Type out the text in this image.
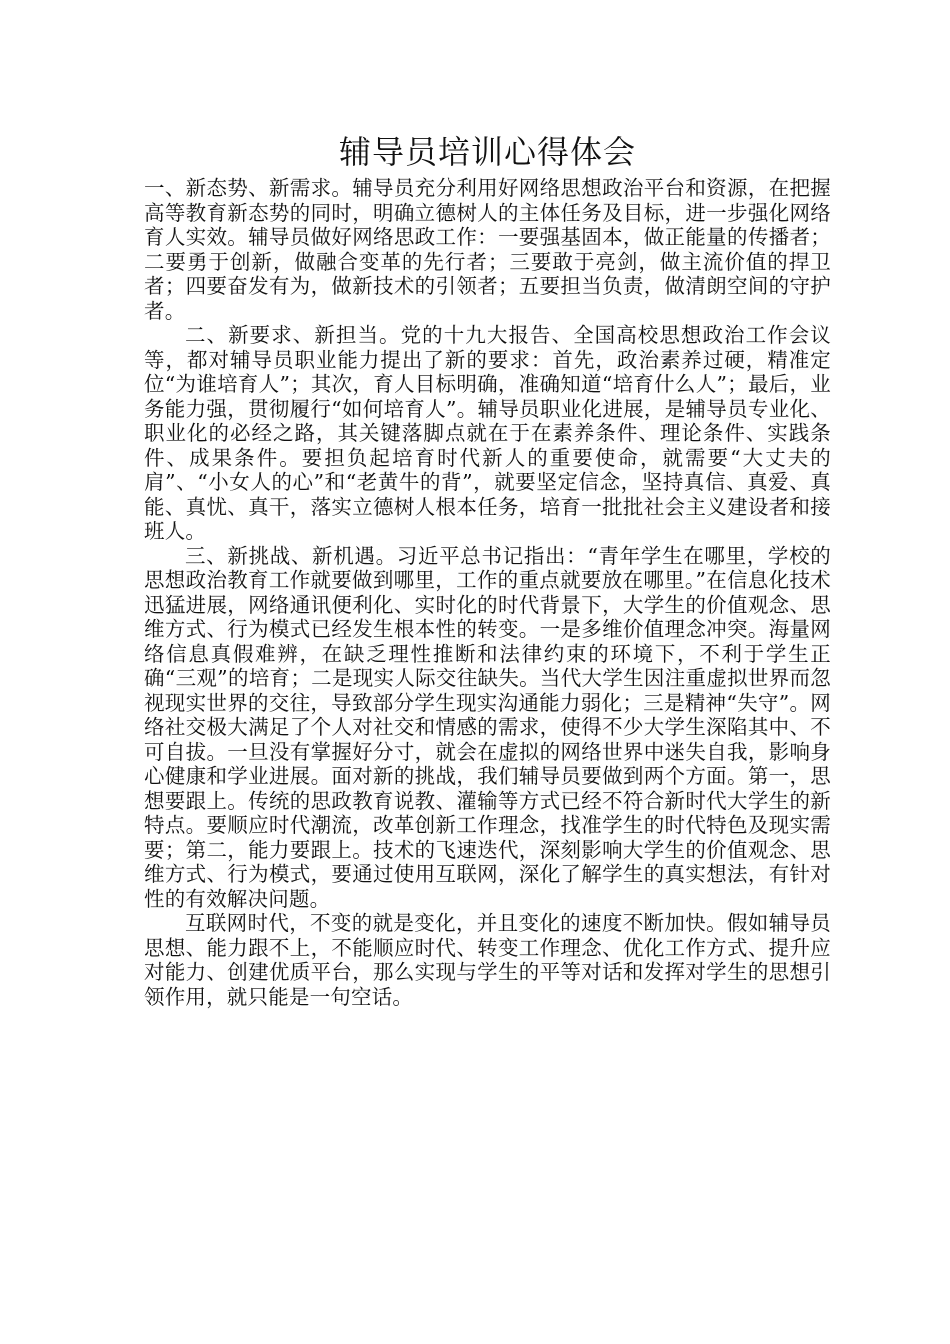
辅导员培训心得体会

一、新态势、新需求。辅导员充分利用好网络思想政治平台和资源，在把握高等教育新态势的同时，明确立德树人的主体任务及目标，进一步强化网络育人实效。辅导员做好网络思政工作：一要强基固本，做正能量的传播者；二要勇于创新，做融合变革的先行者；三要敢于亮剑，做主流价值的捍卫者；四要奋发有为，做新技术的引领者；五要担当负责，做清朗空间的守护者。

二、新要求、新担当。党的十九大报告、全国高校思想政治工作会议等，都对辅导员职业能力提出了新的要求：首先，政治素养过硬，精准定位“为谁培育人”；其次，育人目标明确，准确知道“培育什么人”；最后，业务能力强，贯彻履行“如何培育人”。辅导员职业化进展，是辅导员专业化、职业化的必经之路，其关键落脚点就在于在素养条件、理论条件、实践条件、成果条件。要担负起培育时代新人的重要使命，就需要“大丈夫的肩”、“小女人的心”和“老黄牛的背”，就要坚定信念，坚持真信、真爱、真能、真忧、真干，落实立德树人根本任务，培育一批批社会主义建设者和接班人。

三、新挑战、新机遇。习近平总书记指出：“青年学生在哪里，学校的思想政治教育工作就要做到哪里，工作的重点就要放在哪里。”在信息化技术迅猛进展，网络通讯便利化、实时化的时代背景下，大学生的价值观念、思维方式、行为模式已经发生根本性的转变。一是多维价值理念冲突。海量网络信息真假难辨，在缺乏理性推断和法律约束的环境下，不利于学生正确“三观”的培育；二是现实人际交往缺失。当代大学生因注重虚拟世界而忽视现实世界的交往，导致部分学生现实沟通能力弱化；三是精神“失守”。网络社交极大满足了个人对社交和情感的需求，使得不少大学生深陷其中、不可自拔。一旦没有掌握好分寸，就会在虚拟的网络世界中迷失自我，影响身心健康和学业进展。面对新的挑战，我们辅导员要做到两个方面。第一，思想要跟上。传统的思政教育说教、灌输等方式已经不符合新时代大学生的新特点。要顺应时代潮流，改革创新工作理念，找准学生的时代特色及现实需要；第二，能力要跟上。技术的飞速迭代，深刻影响大学生的价值观念、思维方式、行为模式，要通过使用互联网，深化了解学生的真实想法，有针对性的有效解决问题。

互联网时代，不变的就是变化，并且变化的速度不断加快。假如辅导员思想、能力跟不上，不能顺应时代、转变工作理念、优化工作方式、提升应对能力、创建优质平台，那么实现与学生的平等对话和发挥对学生的思想引领作用，就只能是一句空话。
